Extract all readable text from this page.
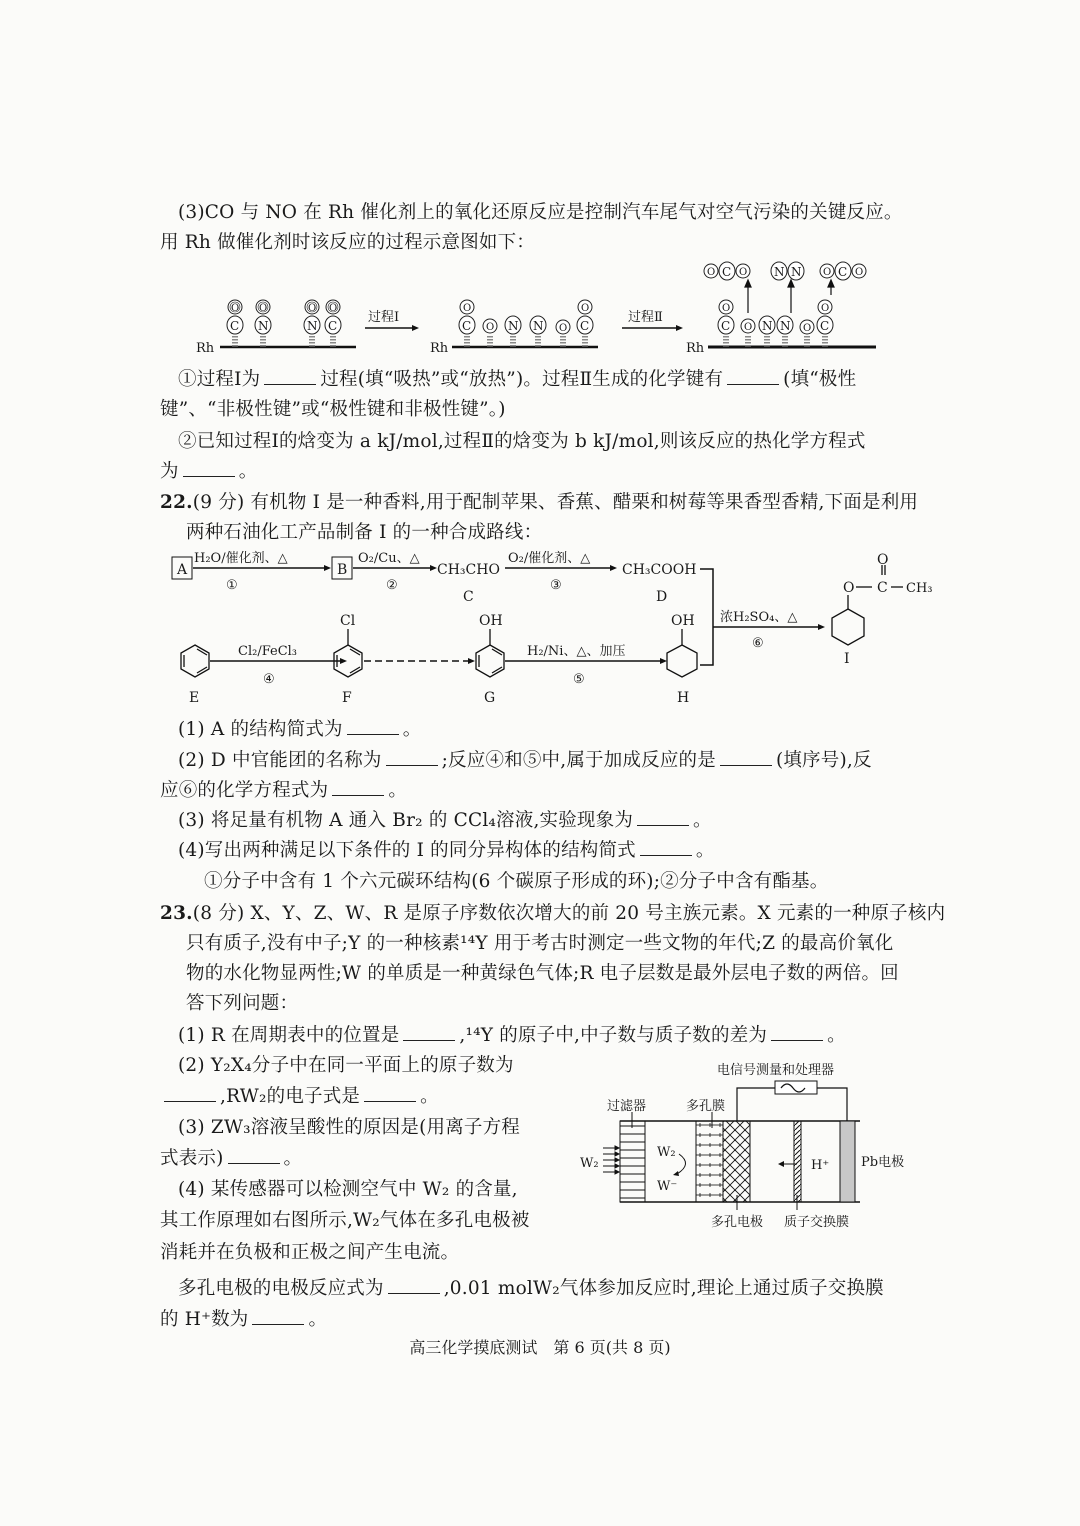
(3)CO 与 NO 在 Rh 催化剂上的氧化还原反应是控制汽车尾气对空气污染的关键反应。
用 Rh 做催化剂时该反应的过程示意图如下：
Rh
C
O
N
O
N
O
C
O
过程Ⅰ
Rh
C
O
O N N O C
O
过程Ⅱ
Rh
C
O
O N N O C
O
O C O N N O C O
①过程Ⅰ为	过程(填“吸热”或“放热”)。过程Ⅱ生成的化学键有	(填“极性
键”、“非极性键”或“极性键和非极性键”。)
②已知过程Ⅰ的焓变为 a kJ/mol,过程Ⅱ的焓变为 b kJ/mol,则该反应的热化学方程式
为	。
22.(9 分) 有机物 I 是一种香料,用于配制苹果、香蕉、醋栗和树莓等果香型香精,下面是利用
两种石油化工产品制备 I 的一种合成路线：
A
H₂O/催化剂、△
①
B
O₂/Cu、△
②
CH₃CHO
C
O₂/催化剂、△
③
CH₃COOH
D
浓H₂SO₄、△
⑥
O C
O
CH₃
I
E
Cl₂/FeCl₃
④
Cl
F
OH
G
H₂/Ni、△、加压
⑤
OH
H
(1) A 的结构简式为	。
(2) D 中官能团的名称为	;反应④和⑤中,属于加成反应的是	(填序号),反
应⑥的化学方程式为	。
(3) 将足量有机物 A 通入 Br₂ 的 CCl₄溶液,实验现象为	。
(4)写出两种满足以下条件的 I 的同分异构体的结构简式	。
①分子中含有 1 个六元碳环结构(6 个碳原子形成的环);②分子中含有酯基。
23.(8 分) X、Y、Z、W、R 是原子序数依次增大的前 20 号主族元素。X 元素的一种原子核内
只有质子,没有中子;Y 的一种核素¹⁴Y 用于考古时测定一些文物的年代;Z 的最高价氧化
物的水化物显两性;W 的单质是一种黄绿色气体;R 电子层数是最外层电子数的两倍。回
答下列问题：
(1) R 在周期表中的位置是	,¹⁴Y 的原子中,中子数与质子数的差为	。
(2) Y₂X₄分子中在同一平面上的原子数为
,RW₂的电子式是	。
(3) ZW₃溶液呈酸性的原因是(用离子方程
式表示)	。
(4) 某传感器可以检测空气中 W₂ 的含量,
其工作原理如右图所示,W₂气体在多孔电极被
消耗并在负极和正极之间产生电流。
电信号测量和处理器
过滤器	多孔膜
Pb电极
W₂
W₂
W⁻
H⁺
多孔电极 质子交换膜
多孔电极的电极反应式为	,0.01 molW₂气体参加反应时,理论上通过质子交换膜
的 H⁺数为	。
高三化学摸底测试　第 6 页(共 8 页)
